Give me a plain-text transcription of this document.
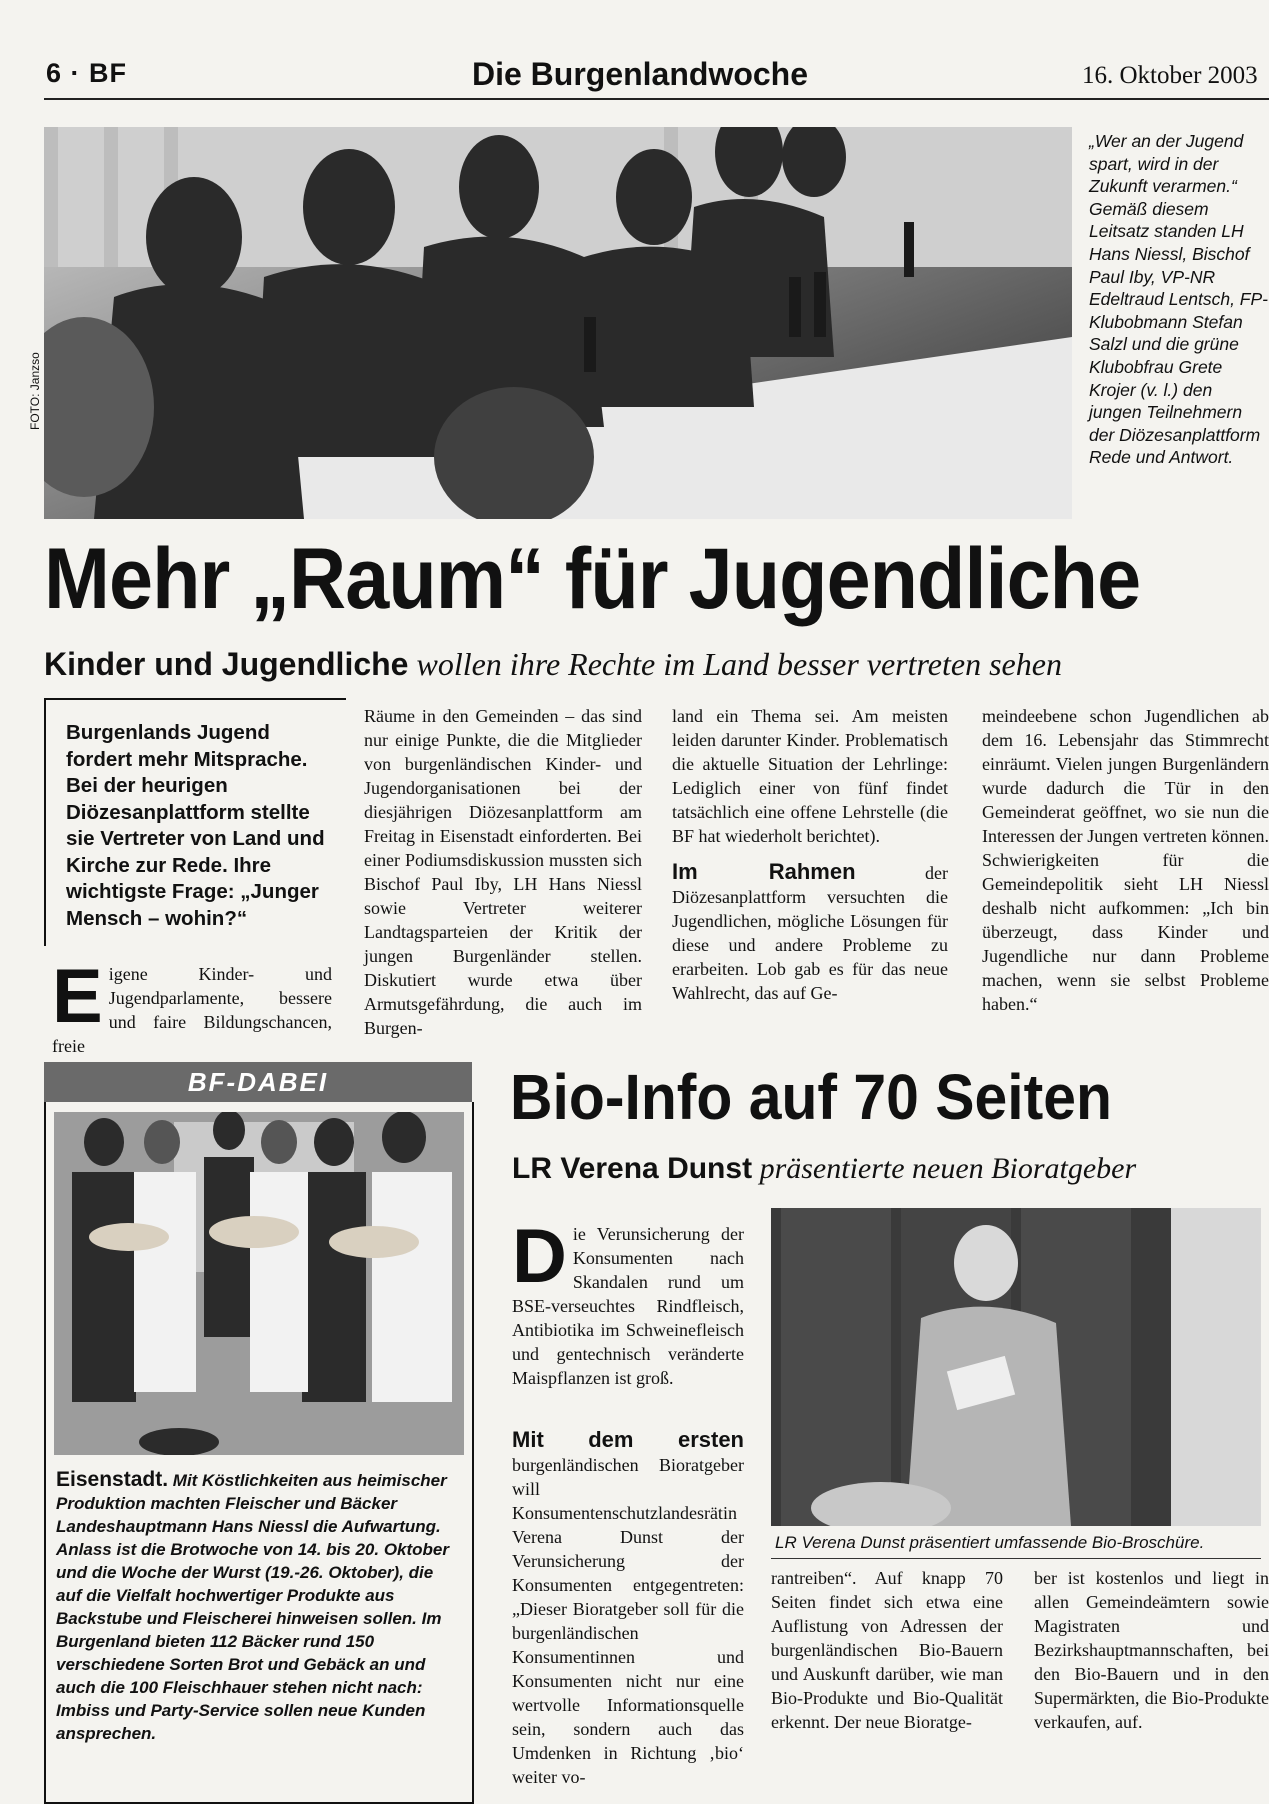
6 · BF	Die Burgenlandwoche	16. Oktober 2003
FOTO: Janzso
„Wer an der Jugend spart, wird in der Zukunft verarmen.“ Gemäß diesem Leitsatz standen LH Hans Niessl, Bischof Paul Iby, VP-NR Edeltraud Lentsch, FP-Klubobmann Stefan Salzl und die grüne Klubobfrau Grete Krojer (v. l.) den jungen Teilnehmern der Diözesanplattform Rede und Antwort.
Mehr „Raum“ für Jugendliche
Kinder und Jugendliche wollen ihre Rechte im Land besser vertreten sehen
Burgenlands Jugend fordert mehr Mitsprache. Bei der heurigen Diözesanplattform stellte sie Vertreter von Land und Kirche zur Rede. Ihre wichtigste Frage: „Junger Mensch – wohin?“
Eigene Kinder- und Jugendparlamente, bessere und faire Bildungschancen, freie
Räume in den Gemeinden – das sind nur einige Punkte, die die Mitglieder von burgenländischen Kinder- und Jugendorganisationen bei der diesjährigen Diözesanplattform am Freitag in Eisenstadt einforderten. Bei einer Podiumsdiskussion mussten sich Bischof Paul Iby, LH Hans Niessl sowie Vertreter weiterer Landtagsparteien der Kritik der jungen Burgenländer stellen. Diskutiert wurde etwa über Armutsgefährdung, die auch im Burgen-
land ein Thema sei. Am meisten leiden darunter Kinder. Problematisch die aktuelle Situation der Lehrlinge: Lediglich einer von fünf findet tatsächlich eine offene Lehrstelle (die BF hat wiederholt berichtet).
Im Rahmen	der Diözesanplattform versuchten die Jugendlichen, mögliche Lösungen für diese und andere Probleme zu erarbeiten. Lob gab es für das neue Wahlrecht, das auf Ge-
meindeebene schon Jugendlichen ab dem 16. Lebensjahr das Stimmrecht einräumt. Vielen jungen Burgenländern wurde dadurch die Tür in den Gemeinderat geöffnet, wo sie nun die Interessen der Jungen vertreten können. Schwierigkeiten für die Gemeindepolitik sieht LH Niessl deshalb nicht aufkommen: „Ich bin überzeugt, dass Kinder und Jugendliche nur dann Probleme machen, wenn sie selbst Probleme haben.“
BF-DABEI
Eisenstadt. Mit Köstlichkeiten aus heimischer Produktion machten Fleischer und Bäcker Landeshauptmann Hans Niessl die Aufwartung. Anlass ist die Brotwoche von 14. bis 20. Oktober und die Woche der Wurst (19.-26. Oktober), die auf die Vielfalt hochwertiger Produkte aus Backstube und Fleischerei hinweisen sollen. Im Burgenland bieten 112 Bäcker rund 150 verschiedene Sorten Brot und Gebäck an und auch die 100 Fleischhauer stehen nicht nach: Imbiss und Party-Service sollen neue Kunden ansprechen.
Bio-Info auf 70 Seiten
LR Verena Dunst präsentierte neuen Bioratgeber
Die Verunsicherung der Konsumenten nach Skandalen rund um BSE-verseuchtes Rindfleisch, Antibiotika im Schweinefleisch und gentechnisch veränderte Maispflanzen ist groß.
LR Verena Dunst präsentiert umfassende Bio-Broschüre.
Mit dem ersten burgenländischen Bioratgeber will Konsumentenschutzlandesrätin Verena Dunst der Verunsicherung der Konsumenten entgegentreten: „Dieser Bioratgeber soll für die burgenländischen Konsumentinnen und Konsumenten nicht nur eine wertvolle Informationsquelle sein, sondern auch das Umdenken in Richtung ‚bio‘ weiter vo-
rantreiben“. Auf knapp 70 Seiten findet sich etwa eine Auflistung von Adressen der burgenländischen Bio-Bauern und Auskunft darüber, wie man Bio-Produkte und Bio-Qualität erkennt. Der neue Bioratge-
ber ist kostenlos und liegt in allen Gemeindeämtern sowie Magistraten und Bezirkshauptmannschaften, bei den Bio-Bauern und in den Supermärkten, die Bio-Produkte verkaufen, auf.
